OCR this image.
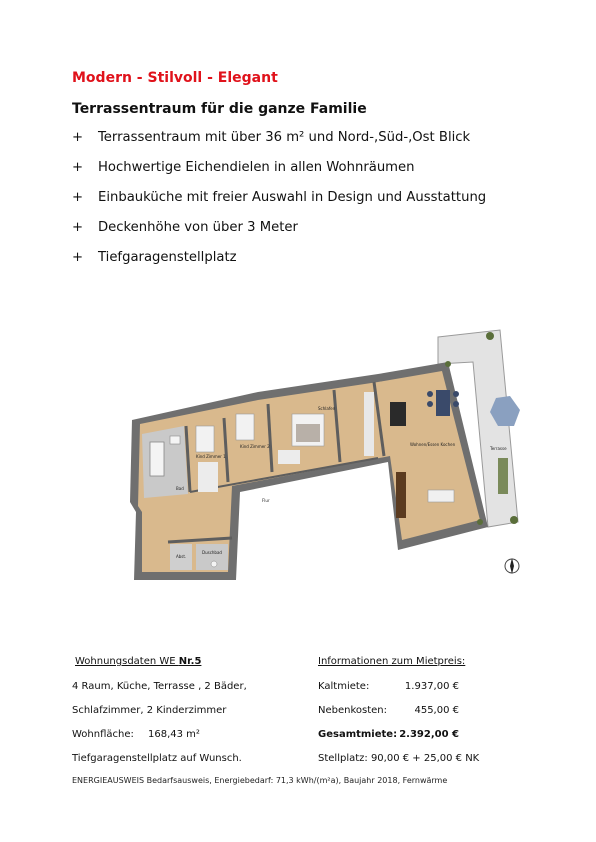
Modern - Stilvoll - Elegant
Terrassentraum für die ganze Familie
+ Terrassentraum mit über 36 m² und Nord-,Süd-,Ost Blick
+ Hochwertige Eichendielen in allen Wohnräumen
+ Einbauküche mit freier Auswahl in Design und Ausstattung
+ Deckenhöhe von über 3 Meter
+ Tiefgaragenstellplatz
Kind Zimmer 1
Kind Zimmer 2
Schlafen
Wohnen/Essen Kochen
Terrasse
Bad
Flur
Abst.
Duschbad
Wohnungsdaten WE Nr.5
4 Raum, Küche, Terrasse , 2 Bäder,
Schlafzimmer, 2 Kinderzimmer
Wohnfläche: 168,43 m²
Tiefgaragenstellplatz auf Wunsch.
Informationen zum Mietpreis:
Kaltmiete:	1.937,00 €
Nebenkosten:	455,00 €
Gesamtmiete: 2.392,00 €
Stellplatz: 90,00 € + 25,00 € NK
ENERGIEAUSWEIS Bedarfsausweis, Energiebedarf: 71,3 kWh/(m²a), Baujahr 2018, Fernwärme
